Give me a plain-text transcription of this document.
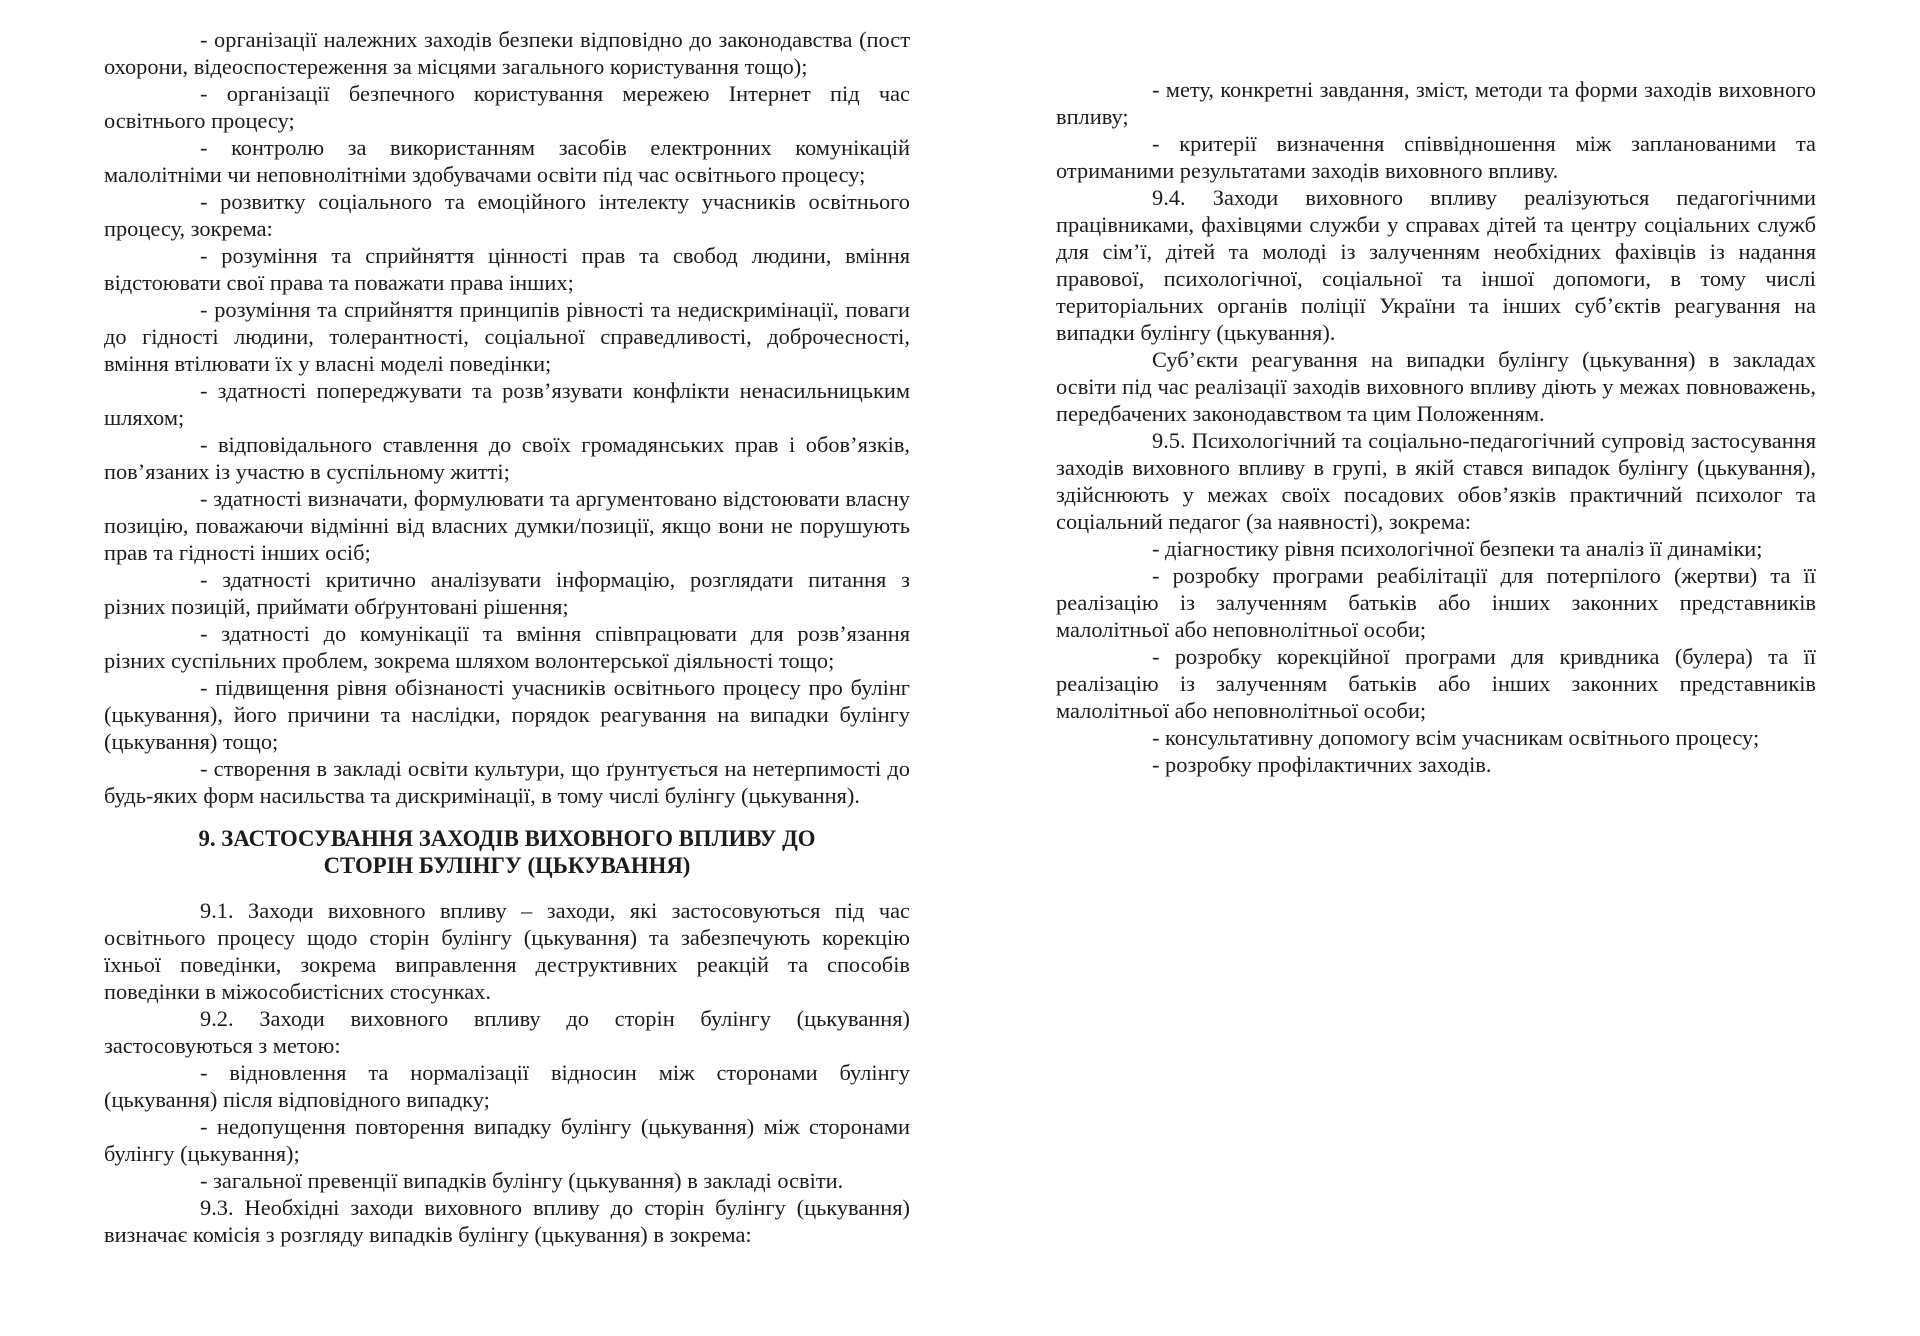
- організації належних заходів безпеки відповідно до законодавства (пост охорони, відеоспостереження за місцями загального користування тощо);

- організації безпечного користування мережею Інтернет під час освітнього процесу;

- контролю за використанням засобів електронних комунікацій малолітніми чи неповнолітніми здобувачами освіти під час освітнього процесу;

- розвитку соціального та емоційного інтелекту учасників освітнього процесу, зокрема:

- розуміння та сприйняття цінності прав та свобод людини, вміння відстоювати свої права та поважати права інших;

- розуміння та сприйняття принципів рівності та недискримінації, поваги до гідності людини, толерантності, соціальної справедливості, доброчесності, вміння втілювати їх у власні моделі поведінки;

- здатності попереджувати та розв’язувати конфлікти ненасильницьким шляхом;

- відповідального ставлення до своїх громадянських прав і обов’язків, пов’язаних із участю в суспільному житті;

- здатності визначати, формулювати та аргументовано відстоювати власну позицію, поважаючи відмінні від власних думки/позиції, якщо вони не порушують прав та гідності інших осіб;

- здатності критично аналізувати інформацію, розглядати питання з різних позицій, приймати обґрунтовані рішення;

- здатності до комунікації та вміння співпрацювати для розв’язання різних суспільних проблем, зокрема шляхом волонтерської діяльності тощо;

- підвищення рівня обізнаності учасників освітнього процесу про булінг (цькування), його причини та наслідки, порядок реагування на випадки булінгу (цькування) тощо;

- створення в закладі освіти культури, що ґрунтується на нетерпимості до будь-яких форм насильства та дискримінації, в тому числі булінгу (цькування).

9. ЗАСТОСУВАННЯ ЗАХОДІВ ВИХОВНОГО ВПЛИВУ ДО СТОРІН БУЛІНГУ (ЦЬКУВАННЯ)

9.1. Заходи виховного впливу – заходи, які застосовуються під час освітнього процесу щодо сторін булінгу (цькування) та забезпечують корекцію їхньої поведінки, зокрема виправлення деструктивних реакцій та способів поведінки в міжособистісних стосунках.

9.2. Заходи виховного впливу до сторін булінгу (цькування) застосовуються з метою:

- відновлення та нормалізації відносин між сторонами булінгу (цькування) після відповідного випадку;

- недопущення повторення випадку булінгу (цькування) між сторонами булінгу (цькування);

- загальної превенції випадків булінгу (цькування) в закладі освіти.

9.3. Необхідні заходи виховного впливу до сторін булінгу (цькування) визначає комісія з розгляду випадків булінгу (цькування) в зокрема:

- мету, конкретні завдання, зміст, методи та форми заходів виховного впливу;

- критерії визначення співвідношення між запланованими та отриманими результатами заходів виховного впливу.

9.4. Заходи виховного впливу реалізуються педагогічними працівниками, фахівцями служби у справах дітей та центру соціальних служб для сім’ї, дітей та молоді із залученням необхідних фахівців із надання правової, психологічної, соціальної та іншої допомоги, в тому числі територіальних органів поліції України та інших суб’єктів реагування на випадки булінгу (цькування).

Суб’єкти реагування на випадки булінгу (цькування) в закладах освіти під час реалізації заходів виховного впливу діють у межах повноважень, передбачених законодавством та цим Положенням.

9.5. Психологічний та соціально-педагогічний супровід застосування заходів виховного впливу в групі, в якій стався випадок булінгу (цькування), здійснюють у межах своїх посадових обов’язків практичний психолог та соціальний педагог (за наявності), зокрема:

- діагностику рівня психологічної безпеки та аналіз її динаміки;

- розробку програми реабілітації для потерпілого (жертви) та її реалізацію із залученням батьків або інших законних представників малолітньої або неповнолітньої особи;

- розробку корекційної програми для кривдника (булера) та її реалізацію із залученням батьків або інших законних представників малолітньої або неповнолітньої особи;

- консультативну допомогу всім учасникам освітнього процесу;

- розробку профілактичних заходів.
